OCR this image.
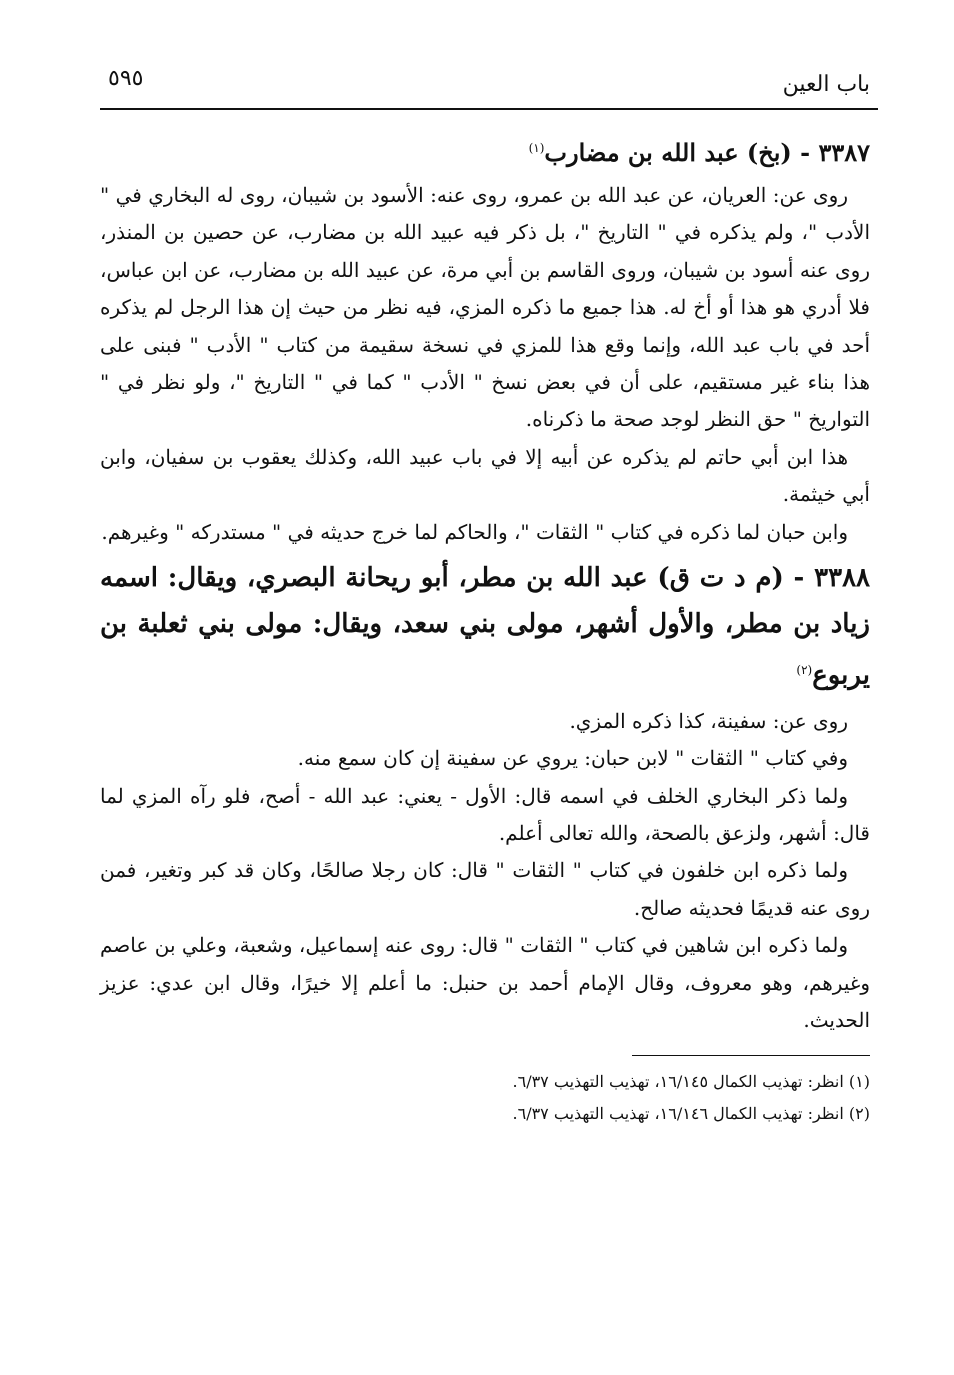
باب العين
٥٩٥
٣٣٨٧ - (بخ) عبد الله بن مضارب$^{(١)}$

روى عن: العريان، عن عبد الله بن عمرو، روى عنه: الأسود بن شيبان، روى له البخاري في " الأدب "، ولم يذكره في " التاريخ "، بل ذكر فيه عبيد الله بن مضارب، عن حصين بن المنذر، روى عنه أسود بن شيبان، وروى القاسم بن أبي مرة، عن عبيد الله بن مضارب، عن ابن عباس، فلا أدري هو هذا أو أخ له. هذا جميع ما ذكره المزي، فيه نظر من حيث إن هذا الرجل لم يذكره أحد في باب عبد الله، وإنما وقع هذا للمزي في نسخة سقيمة من كتاب " الأدب " فبنى على هذا بناء غير مستقيم، على أن في بعض نسخ " الأدب " كما في " التاريخ "، ولو نظر في " التواريخ " حق النظر لوجد صحة ما ذكرناه.

هذا ابن أبي حاتم لم يذكره عن أبيه إلا في باب عبيد الله، وكذلك يعقوب بن سفيان، وابن أبي خيثمة.

وابن حبان لما ذكره في كتاب " الثقات "، والحاكم لما خرج حديثه في " مستدركه " وغيرهم.

٣٣٨٨ - (م د ت ق) عبد الله بن مطر، أبو ريحانة البصري، ويقال: اسمه زياد بن مطر، والأول أشهر، مولى بني سعد، ويقال: مولى بني ثعلبة بن يربوع$^{(٢)}$

روى عن: سفينة، كذا ذكره المزي.

وفي كتاب " الثقات " لابن حبان: يروي عن سفينة إن كان سمع منه.

ولما ذكر البخاري الخلف في اسمه قال: الأول - يعني: عبد الله - أصح، فلو رآه المزي لما قال: أشهر، ولزعق بالصحة، والله تعالى أعلم.

ولما ذكره ابن خلفون في كتاب " الثقات " قال: كان رجلا صالحًا، وكان قد كبر وتغير، فمن روى عنه قديمًا فحديثه صالح.

ولما ذكره ابن شاهين في كتاب " الثقات " قال: روى عنه إسماعيل، وشعبة، وعلي بن عاصم وغيرهم، وهو معروف، وقال الإمام أحمد بن حنبل: ما أعلم إلا خيرًا، وقال ابن عدي: عزيز الحديث.

(١) انظر: تهذيب الكمال ١٦/١٤٥، تهذيب التهذيب ٦/٣٧.
(٢) انظر: تهذيب الكمال ١٦/١٤٦، تهذيب التهذيب ٦/٣٧.
